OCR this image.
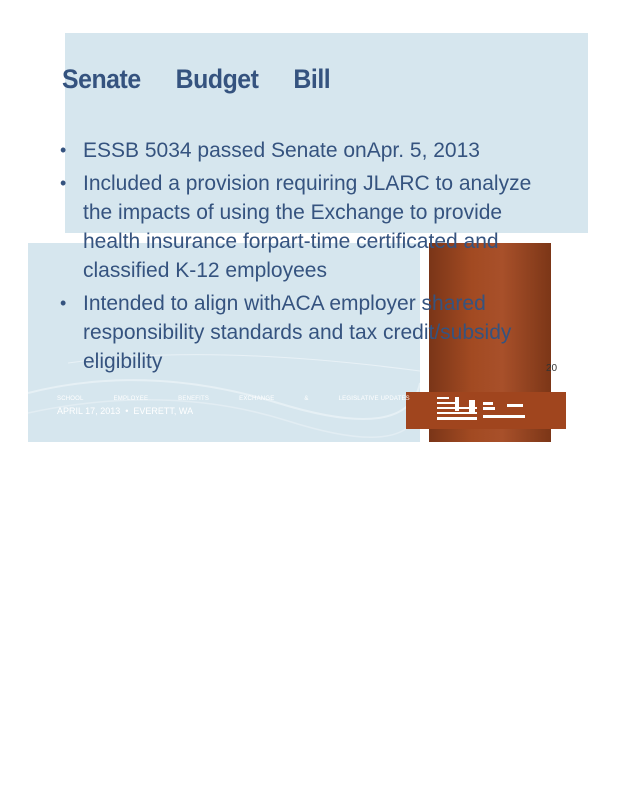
Senate Budget Bill
• ESSB 5034 passed Senate onApr. 5, 2013
• Included a provision requiring JLARC to analyze the impacts of using the Exchange to provide health insurance forpart-time certificated and classified K-12 employees
• Intended to align withACA employer shared responsibility standards and tax credit/subsidy eligibility	20
SCHOOL	EMPLOYEE	BENEFITS	EXCHANGE	&	LEGISLATIVE UPDATES
APRIL 17, 2013 • EVERETT, WA
